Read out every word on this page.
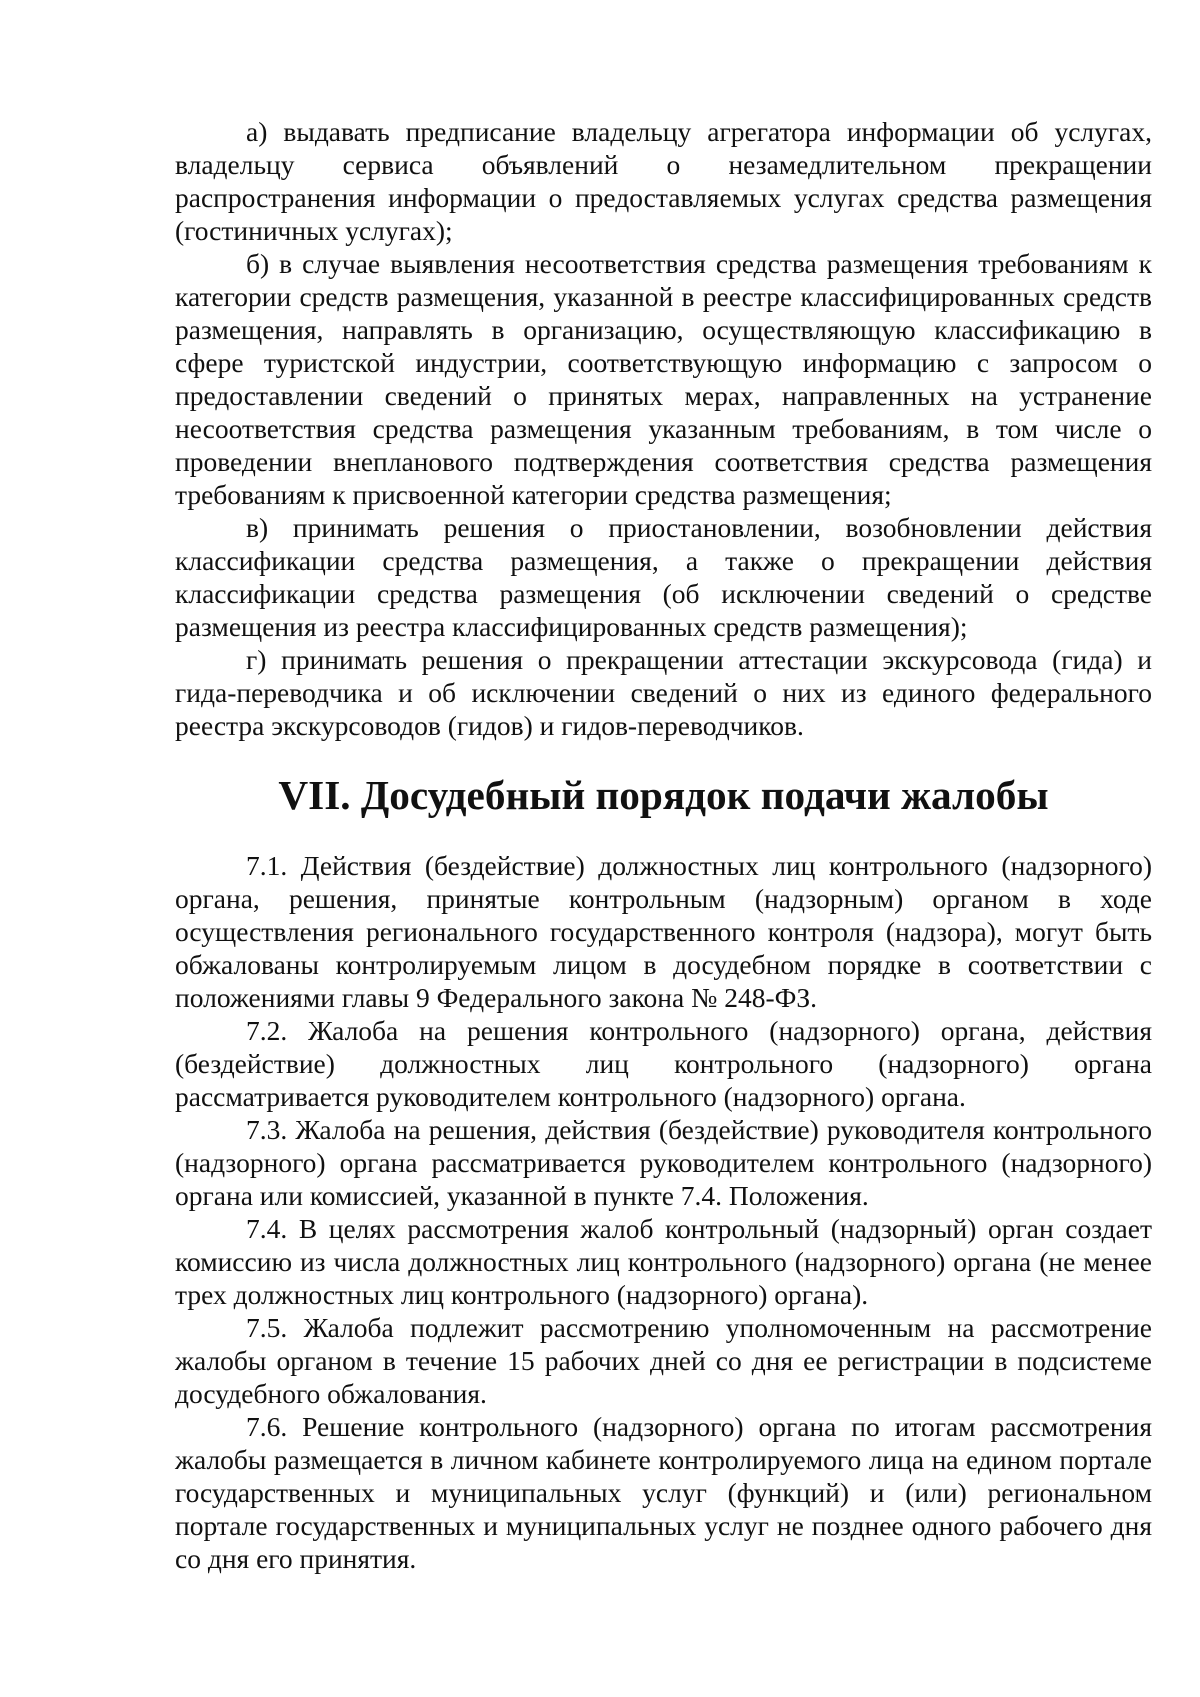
а) выдавать предписание владельцу агрегатора информации об услугах, владельцу сервиса объявлений о незамедлительном прекращении распространения информации о предоставляемых услугах средства размещения (гостиничных услугах);

б) в случае выявления несоответствия средства размещения требованиям к категории средств размещения, указанной в реестре классифицированных средств размещения, направлять в организацию, осуществляющую классификацию в сфере туристской индустрии, соответствующую информацию с запросом о предоставлении сведений о принятых мерах, направленных на устранение несоответствия средства размещения указанным требованиям, в том числе о проведении внепланового подтверждения соответствия средства размещения требованиям к присвоенной категории средства размещения;

в) принимать решения о приостановлении, возобновлении действия классификации средства размещения, а также о прекращении действия классификации средства размещения (об исключении сведений о средстве размещения из реестра классифицированных средств размещения);

г) принимать решения о прекращении аттестации экскурсовода (гида) и гида-переводчика и об исключении сведений о них из единого федерального реестра экскурсоводов (гидов) и гидов-переводчиков.

VII. Досудебный порядок подачи жалобы

7.1. Действия (бездействие) должностных лиц контрольного (надзорного) органа, решения, принятые контрольным (надзорным) органом в ходе осуществления регионального государственного контроля (надзора), могут быть обжалованы контролируемым лицом в досудебном порядке в соответствии с положениями главы 9 Федерального закона № 248-ФЗ.

7.2. Жалоба на решения контрольного (надзорного) органа, действия (бездействие) должностных лиц контрольного (надзорного) органа рассматривается руководителем контрольного (надзорного) органа.

7.3. Жалоба на решения, действия (бездействие) руководителя контрольного (надзорного) органа рассматривается руководителем контрольного (надзорного) органа или комиссией, указанной в пункте 7.4. Положения.

7.4. В целях рассмотрения жалоб контрольный (надзорный) орган создает комиссию из числа должностных лиц контрольного (надзорного) органа (не менее трех должностных лиц контрольного (надзорного) органа).

7.5. Жалоба подлежит рассмотрению уполномоченным на рассмотрение жалобы органом в течение 15 рабочих дней со дня ее регистрации в подсистеме досудебного обжалования.

7.6. Решение контрольного (надзорного) органа по итогам рассмотрения жалобы размещается в личном кабинете контролируемого лица на едином портале государственных и муниципальных услуг (функций) и (или) региональном портале государственных и муниципальных услуг не позднее одного рабочего дня со дня его принятия.
